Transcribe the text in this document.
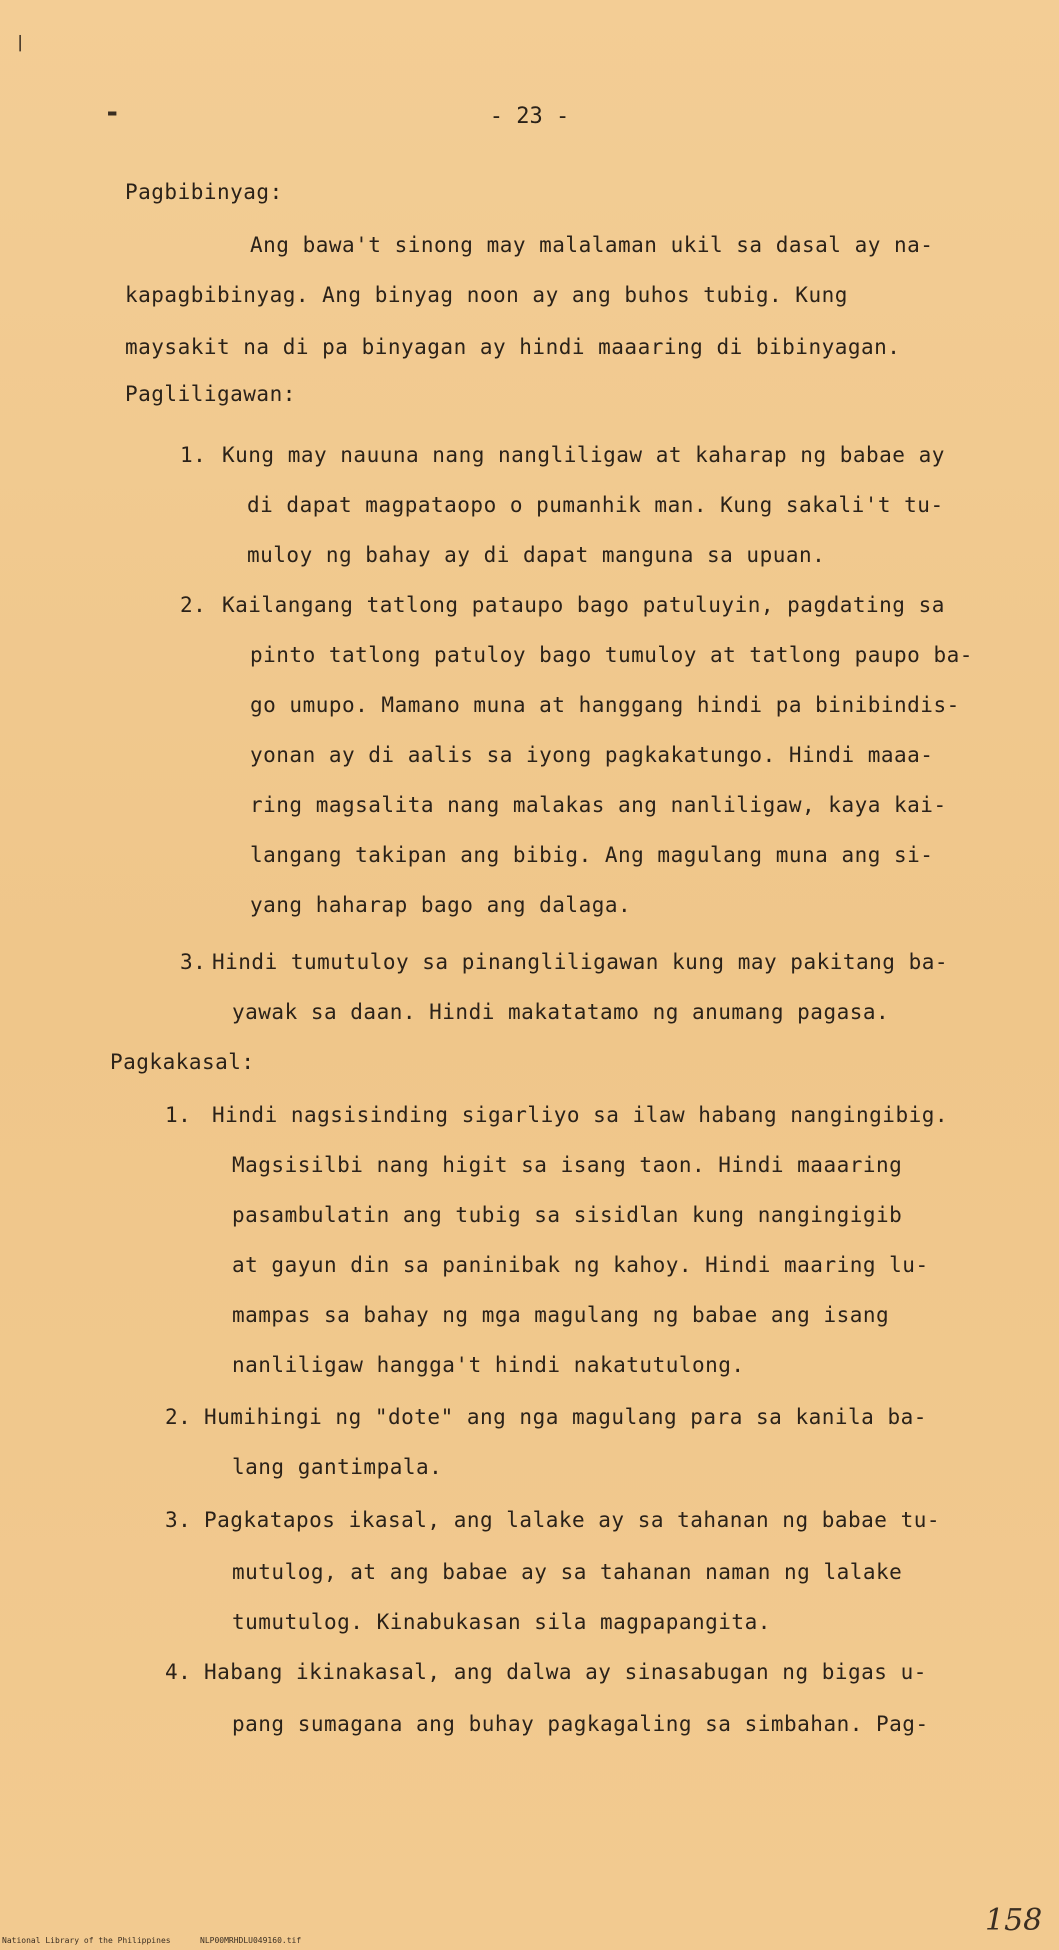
❘
▬	- 23 -
Pagbibinyag:
Ang bawa't sinong may malalaman ukil sa dasal ay na-
kapagbibinyag. Ang binyag noon ay ang buhos tubig. Kung
maysakit na di pa binyagan ay hindi maaaring di bibinyagan.
Pagliligawan:
1. Kung may nauuna nang nangliligaw at kaharap ng babae ay
di dapat magpataopo o pumanhik man. Kung sakali't tu-
muloy ng bahay ay di dapat manguna sa upuan.
2. Kailangang tatlong pataupo bago patuluyin, pagdating sa
pinto tatlong patuloy bago tumuloy at tatlong paupo ba-
go umupo. Mamano muna at hanggang hindi pa binibindis-
yonan ay di aalis sa iyong pagkakatungo. Hindi maaa-
ring magsalita nang malakas ang nanliligaw, kaya kai-
langang takipan ang bibig. Ang magulang muna ang si-
yang haharap bago ang dalaga.
3. Hindi tumutuloy sa pinangliligawan kung may pakitang ba-
yawak sa daan. Hindi makatatamo ng anumang pagasa.
Pagkakasal:
1. Hindi nagsisinding sigarliyo sa ilaw habang nangingibig.
Magsisilbi nang higit sa isang taon. Hindi maaaring
pasambulatin ang tubig sa sisidlan kung nangingigib
at gayun din sa paninibak ng kahoy. Hindi maaring lu-
mampas sa bahay ng mga magulang ng babae ang isang
nanliligaw hangga't hindi nakatutulong.
2. Humihingi ng "dote" ang nga magulang para sa kanila ba-
lang gantimpala.
3. Pagkatapos ikasal, ang lalake ay sa tahanan ng babae tu-
mutulog, at ang babae ay sa tahanan naman ng lalake
tumutulog. Kinabukasan sila magpapangita.
4. Habang ikinakasal, ang dalwa ay sinasabugan ng bigas u-
pang sumagana ang buhay pagkagaling sa simbahan. Pag-
National Library of the Philippines	NLP00MRHDLU049160.tif
158
